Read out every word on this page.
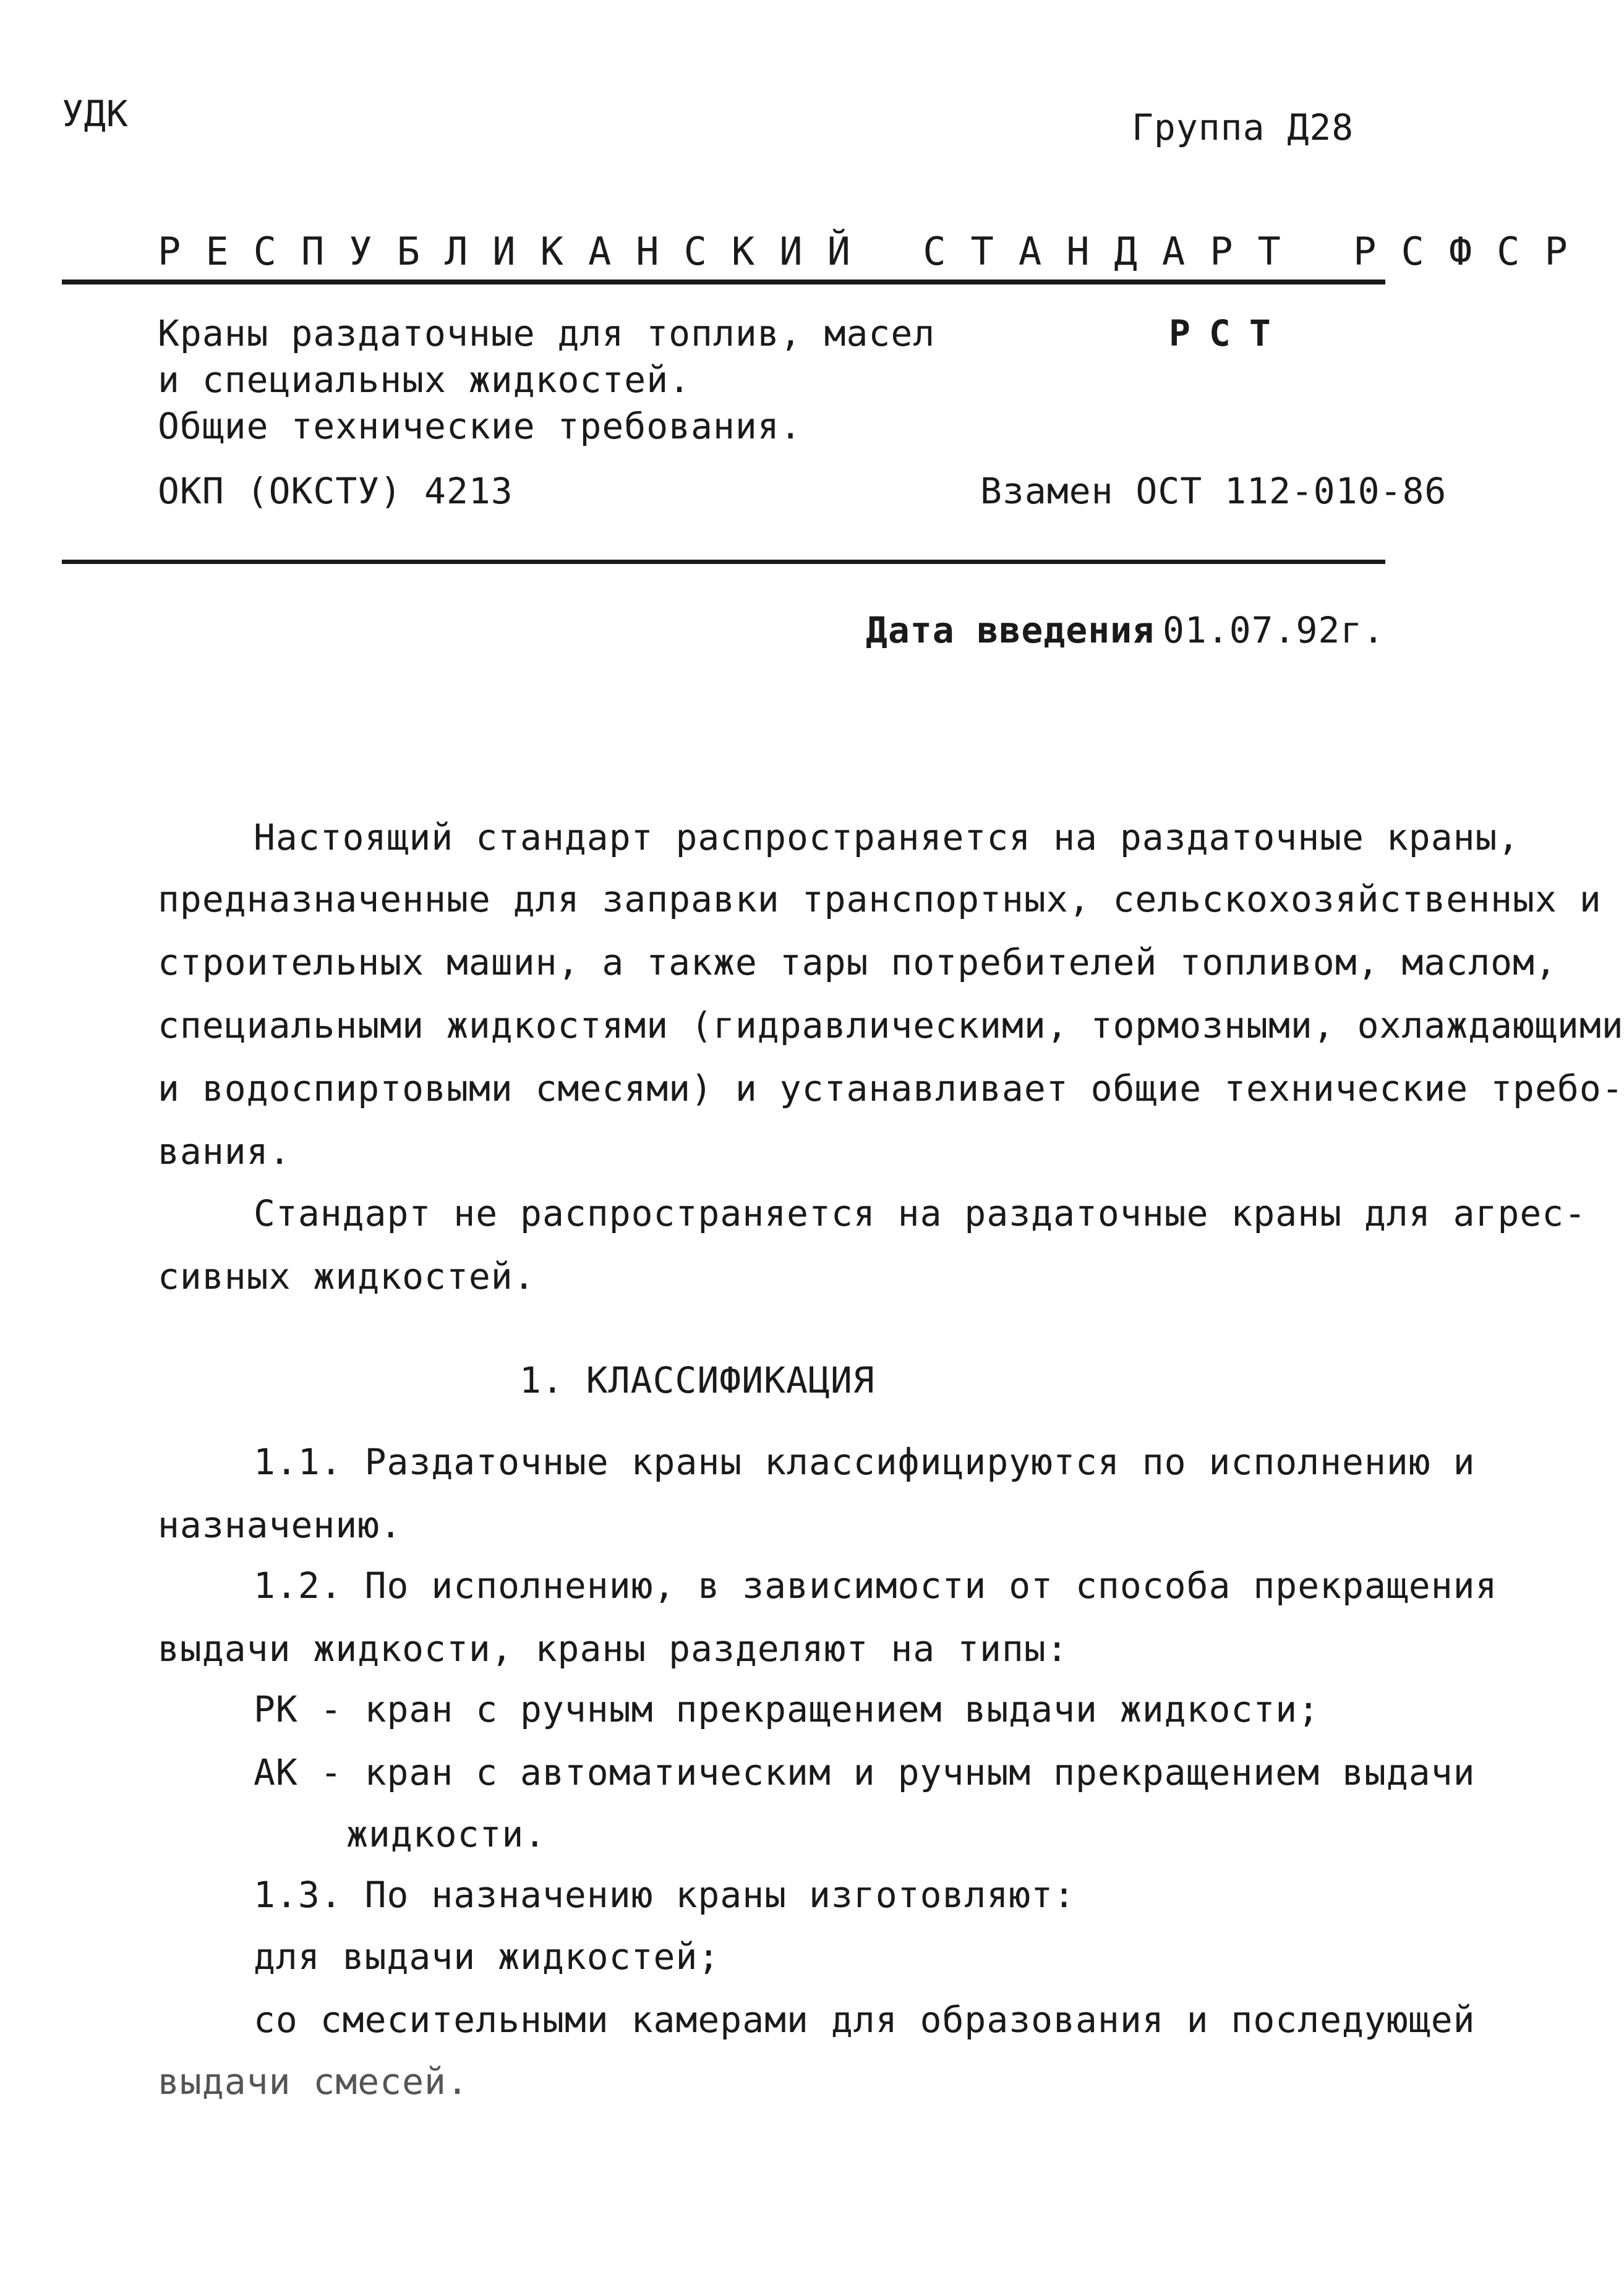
УДК	Группа Д28
РЕСПУБЛИКАНСКИЙ СТАНДАРТ РСФСР
Краны раздаточные для топлив, масел
и специальных жидкостей.
Общие технические требования.
РСТ
ОКП (ОКСТУ) 4213	Взамен ОСТ 112-010-86
Дата введения 01.07.92г.
Настоящий стандарт распространяется на раздаточные краны,
предназначенные для заправки транспортных, сельскохозяйственных и
строительных машин, а также тары потребителей топливом, маслом,
специальными жидкостями (гидравлическими, тормозными, охлаждающими
и водоспиртовыми смесями) и устанавливает общие технические требо-
вания.
Стандарт не распространяется на раздаточные краны для агрес-
сивных жидкостей.
1. КЛАССИФИКАЦИЯ
1.1. Раздаточные краны классифицируются по исполнению и
назначению.
1.2. По исполнению, в зависимости от способа прекращения
выдачи жидкости, краны разделяют на типы:
РК - кран с ручным прекращением выдачи жидкости;
АК - кран с автоматическим и ручным прекращением выдачи
жидкости.
1.3. По назначению краны изготовляют:
для выдачи жидкостей;
со смесительными камерами для образования и последующей
выдачи смесей.
